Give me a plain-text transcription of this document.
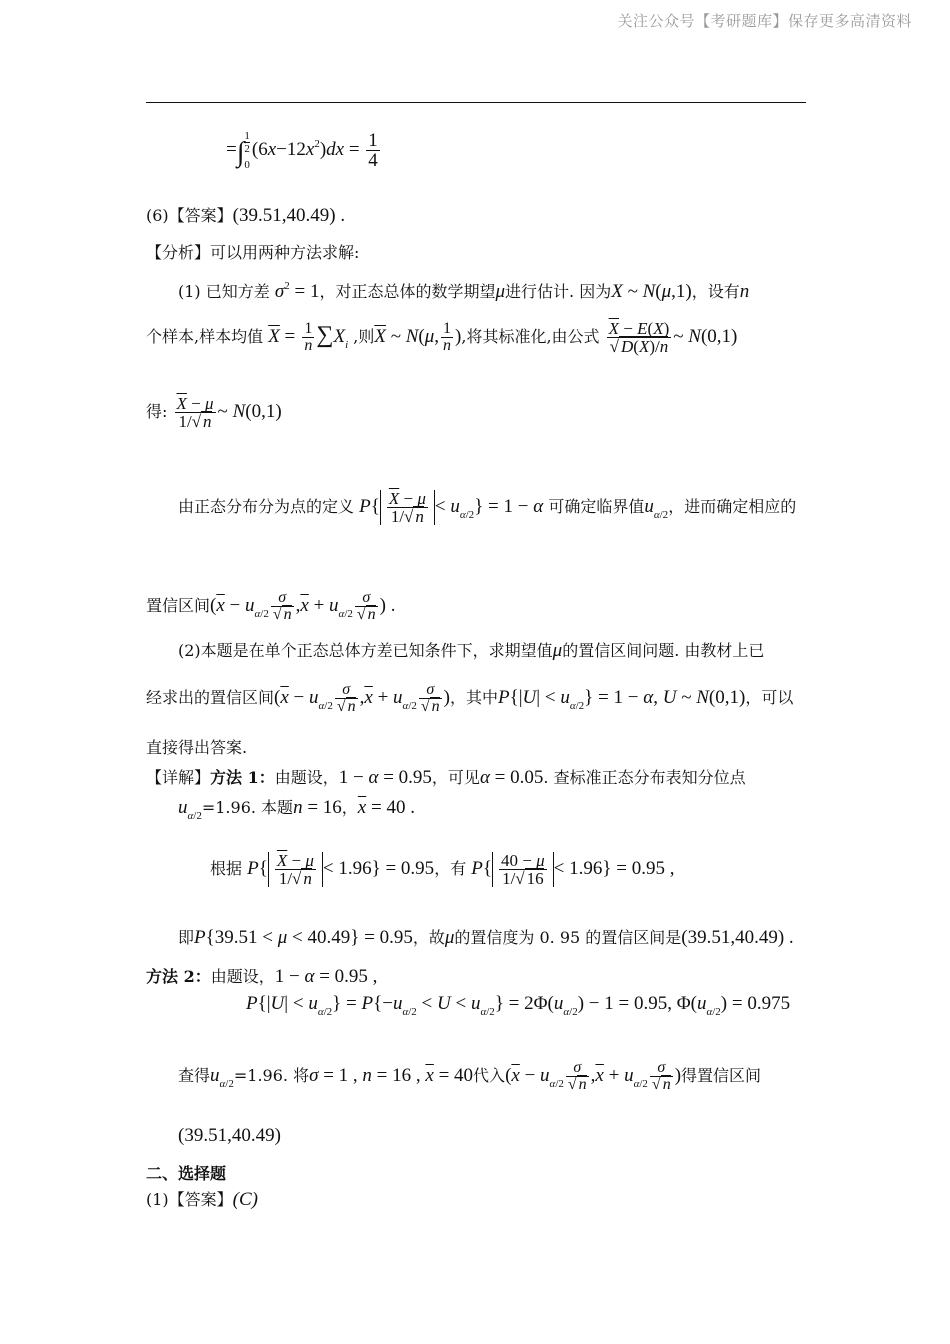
关注公众号【考研题库】保存更多高清资料
=∫
1
2
0
$(6x-12x^2)dx = \frac{1}{4}$
(6)【答案】(39.51,40.49) .
【分析】可以用两种方法求解:
(1) 已知方差 $\sigma^2 = 1$，对正态总体的数学期望μ进行估计. 因为X ~ N(μ,1)，设有n
个样本,样本均值 $\overline{X} = \frac{1}{n} \sum X_i$ ,则$\overline{X}$ ~ N(μ, $\frac{1}{n}$ ),将其标准化,由公式 $\frac{\overline{X} - E(X)}{√ D(X)/n}$ ~ N(0,1)
得: $\frac{\overline{X} - \mu}{1/√ n}$ ~ N(0,1)
由正态分布分为点的定义 $P\{ \frac{\overline{X} - \mu}{1/√ n} < u_{\alpha/2}\} = 1 - \alpha$ 可确定临界值$u_{\alpha/2}$，进而确定相应的
置信区间($\overline{x} - u_{\alpha/2} \frac{\sigma}{√ n} ,\overline{x} + u_{\alpha/2} \frac{\sigma}{√ n}$ ) .
(2)本题是在单个正态总体方差已知条件下，求期望值μ的置信区间问题. 由教材上已
经求出的置信区间($\overline{x} - u_{\alpha/2} \frac{\sigma}{√ n} ,\overline{x} + u_{\alpha/2} \frac{\sigma}{√ n}$ )，其中$P\{|U| < u_{\alpha/2}\} = 1 - \alpha$, U ~ N(0,1)，可以
直接得出答案.
【详解】方法 1：由题设，1 − α = 0.95，可见α = 0.05. 查标准正态分布表知分位点
$u_{\alpha/2}=1.96$. 本题n = 16，$\overline{x} = 40$ .
根据 $P\{ \frac{\overline{X} - \mu}{1/√ n} < 1.96\} = 0.95$，有 $P\{ \frac{40 - \mu}{1/√ 16} < 1.96\} = 0.95$ ,
即P{39.51 < μ < 40.49} = 0.95，故μ的置信度为 0. 95 的置信区间是(39.51,40.49) .
方法 2：由题设，1 − α = 0.95 ,
$P\{|U| < u_{\alpha/2}\} = P\{-u_{\alpha/2} < U < u_{\alpha/2}\} = 2\Phi(u_{\alpha/2}) - 1 = 0.95$, $\Phi(u_{\alpha/2}) = 0.975$
查得$u_{\alpha/2}=1.96$. 将σ = 1 , n = 16 , $\overline{x} = 40$代入($\overline{x} - u_{\alpha/2} \frac{\sigma}{√ n} ,\overline{x} + u_{\alpha/2} \frac{\sigma}{√ n}$ )得置信区间
(39.51,40.49)
二、选择题
(1)【答案】(C)
